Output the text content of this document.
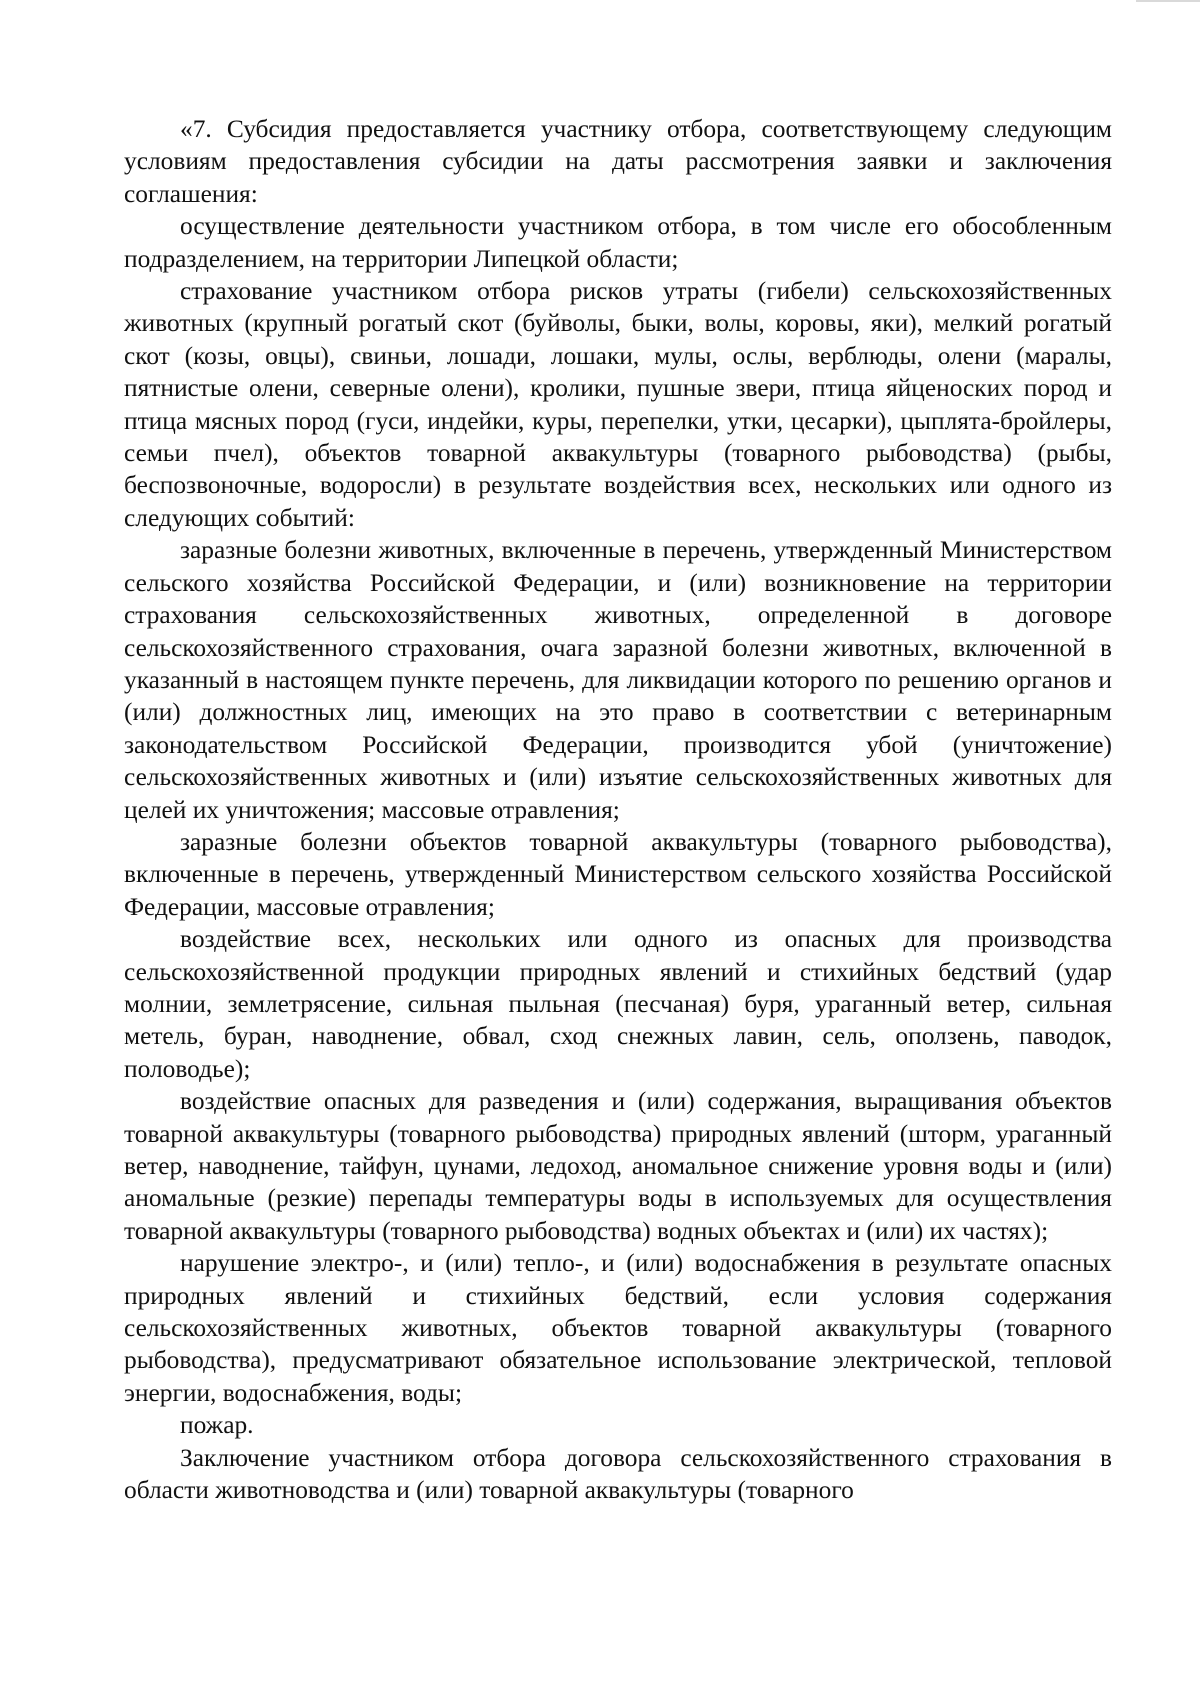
«7. Субсидия предоставляется участнику отбора, соответствующему следующим условиям предоставления субсидии на даты рассмотрения заявки и заключения соглашения:

осуществление деятельности участником отбора, в том числе его обособленным подразделением, на территории Липецкой области;

страхование участником отбора рисков утраты (гибели) сельскохозяйственных животных (крупный рогатый скот (буйволы, быки, волы, коровы, яки), мелкий рогатый скот (козы, овцы), свиньи, лошади, лошаки, мулы, ослы, верблюды, олени (маралы, пятнистые олени, северные олени), кролики, пушные звери, птица яйценоских пород и птица мясных пород (гуси, индейки, куры, перепелки, утки, цесарки), цыплята-бройлеры, семьи пчел), объектов товарной аквакультуры (товарного рыбоводства) (рыбы, беспозвоночные, водоросли) в результате воздействия всех, нескольких или одного из следующих событий:

заразные болезни животных, включенные в перечень, утвержденный Министерством сельского хозяйства Российской Федерации, и (или) возникновение на территории страхования сельскохозяйственных животных, определенной в договоре сельскохозяйственного страхования, очага заразной болезни животных, включенной в указанный в настоящем пункте перечень, для ликвидации которого по решению органов и (или) должностных лиц, имеющих на это право в соответствии с ветеринарным законодательством Российской Федерации, производится убой (уничтожение) сельскохозяйственных животных и (или) изъятие сельскохозяйственных животных для целей их уничтожения; массовые отравления;

заразные болезни объектов товарной аквакультуры (товарного рыбоводства), включенные в перечень, утвержденный Министерством сельского хозяйства Российской Федерации, массовые отравления;

воздействие всех, нескольких или одного из опасных для производства сельскохозяйственной продукции природных явлений и стихийных бедствий (удар молнии, землетрясение, сильная пыльная (песчаная) буря, ураганный ветер, сильная метель, буран, наводнение, обвал, сход снежных лавин, сель, оползень, паводок, половодье);

воздействие опасных для разведения и (или) содержания, выращивания объектов товарной аквакультуры (товарного рыбоводства) природных явлений (шторм, ураганный ветер, наводнение, тайфун, цунами, ледоход, аномальное снижение уровня воды и (или) аномальные (резкие) перепады температуры воды в используемых для осуществления товарной аквакультуры (товарного рыбоводства) водных объектах и (или) их частях);

нарушение электро-, и (или) тепло-, и (или) водоснабжения в результате опасных природных явлений и стихийных бедствий, если условия содержания сельскохозяйственных животных, объектов товарной аквакультуры (товарного рыбоводства), предусматривают обязательное использование электрической, тепловой энергии, водоснабжения, воды;

пожар.

Заключение участником отбора договора сельскохозяйственного страхования в области животноводства и (или) товарной аквакультуры (товарного
